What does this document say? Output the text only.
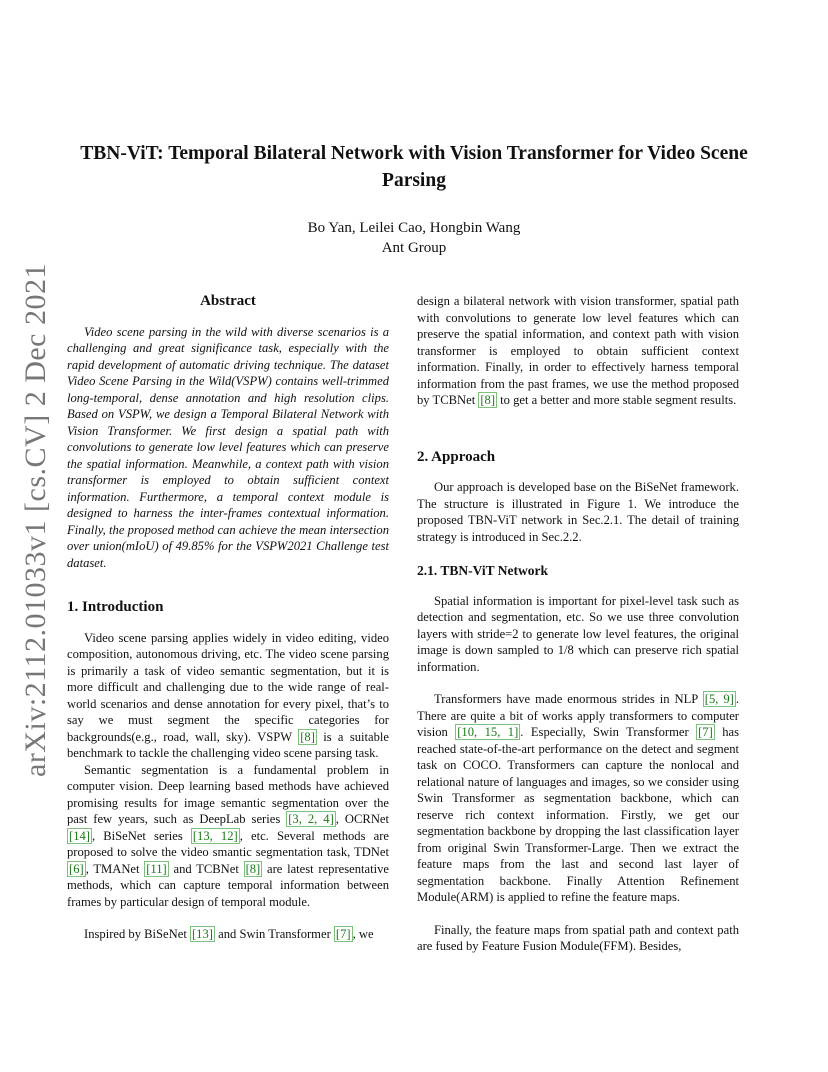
arXiv:2112.01033v1 [cs.CV] 2 Dec 2021
TBN-ViT: Temporal Bilateral Network with Vision Transformer for Video Scene Parsing
Bo Yan, Leilei Cao, Hongbin Wang
Ant Group
Abstract

Video scene parsing in the wild with diverse scenarios is a challenging and great significance task, especially with the rapid development of automatic driving technique. The dataset Video Scene Parsing in the Wild(VSPW) contains well-trimmed long-temporal, dense annotation and high resolution clips. Based on VSPW, we design a Temporal Bilateral Network with Vision Transformer. We first design a spatial path with convolutions to generate low level features which can preserve the spatial information. Meanwhile, a context path with vision transformer is employed to obtain sufficient context information. Furthermore, a temporal context module is designed to harness the inter-frames contextual information. Finally, the proposed method can achieve the mean intersection over union(mIoU) of 49.85% for the VSPW2021 Challenge test dataset.

1. Introduction

Video scene parsing applies widely in video editing, video composition, autonomous driving, etc. The video scene parsing is primarily a task of video semantic segmentation, but it is more difficult and challenging due to the wide range of real-world scenarios and dense annotation for every pixel, that’s to say we must segment the specific categories for backgrounds(e.g., road, wall, sky). VSPW [8] is a suitable benchmark to tackle the challenging video scene parsing task.

Semantic segmentation is a fundamental problem in computer vision. Deep learning based methods have achieved promising results for image semantic segmentation over the past few years, such as DeepLab series [3, 2, 4] , OCRNet [14] , BiSeNet series [13, 12] , etc. Several methods are proposed to solve the video smantic segmentation task, TDNet [6] , TMANet [11] and TCBNet [8] are latest representative methods, which can capture temporal information between frames by particular design of temporal module.

Inspired by BiSeNet [13] and Swin Transformer [7] , we

design a bilateral network with vision transformer, spatial path with convolutions to generate low level features which can preserve the spatial information, and context path with vision transformer is employed to obtain sufficient context information. Finally, in order to effectively harness temporal information from the past frames, we use the method proposed by TCBNet [8] to get a better and more stable segment results.

2. Approach

Our approach is developed base on the BiSeNet framework. The structure is illustrated in Figure 1. We introduce the proposed TBN-ViT network in Sec.2.1. The detail of training strategy is introduced in Sec.2.2.

2.1. TBN-ViT Network

Spatial information is important for pixel-level task such as detection and segmentation, etc. So we use three convolution layers with stride=2 to generate low level features, the original image is down sampled to 1/8 which can preserve rich spatial information.

Transformers have made enormous strides in NLP [5, 9] . There are quite a bit of works apply transformers to computer vision [10, 15, 1] . Especially, Swin Transformer [7] has reached state-of-the-art performance on the detect and segment task on COCO. Transformers can capture the nonlocal and relational nature of languages and images, so we consider using Swin Transformer as segmentation backbone, which can reserve rich context information. Firstly, we get our segmentation backbone by dropping the last classification layer from original Swin Transformer-Large. Then we extract the feature maps from the last and second last layer of segmentation backbone. Finally Attention Refinement Module(ARM) is applied to refine the feature maps.

Finally, the feature maps from spatial path and context path are fused by Feature Fusion Module(FFM). Besides,
